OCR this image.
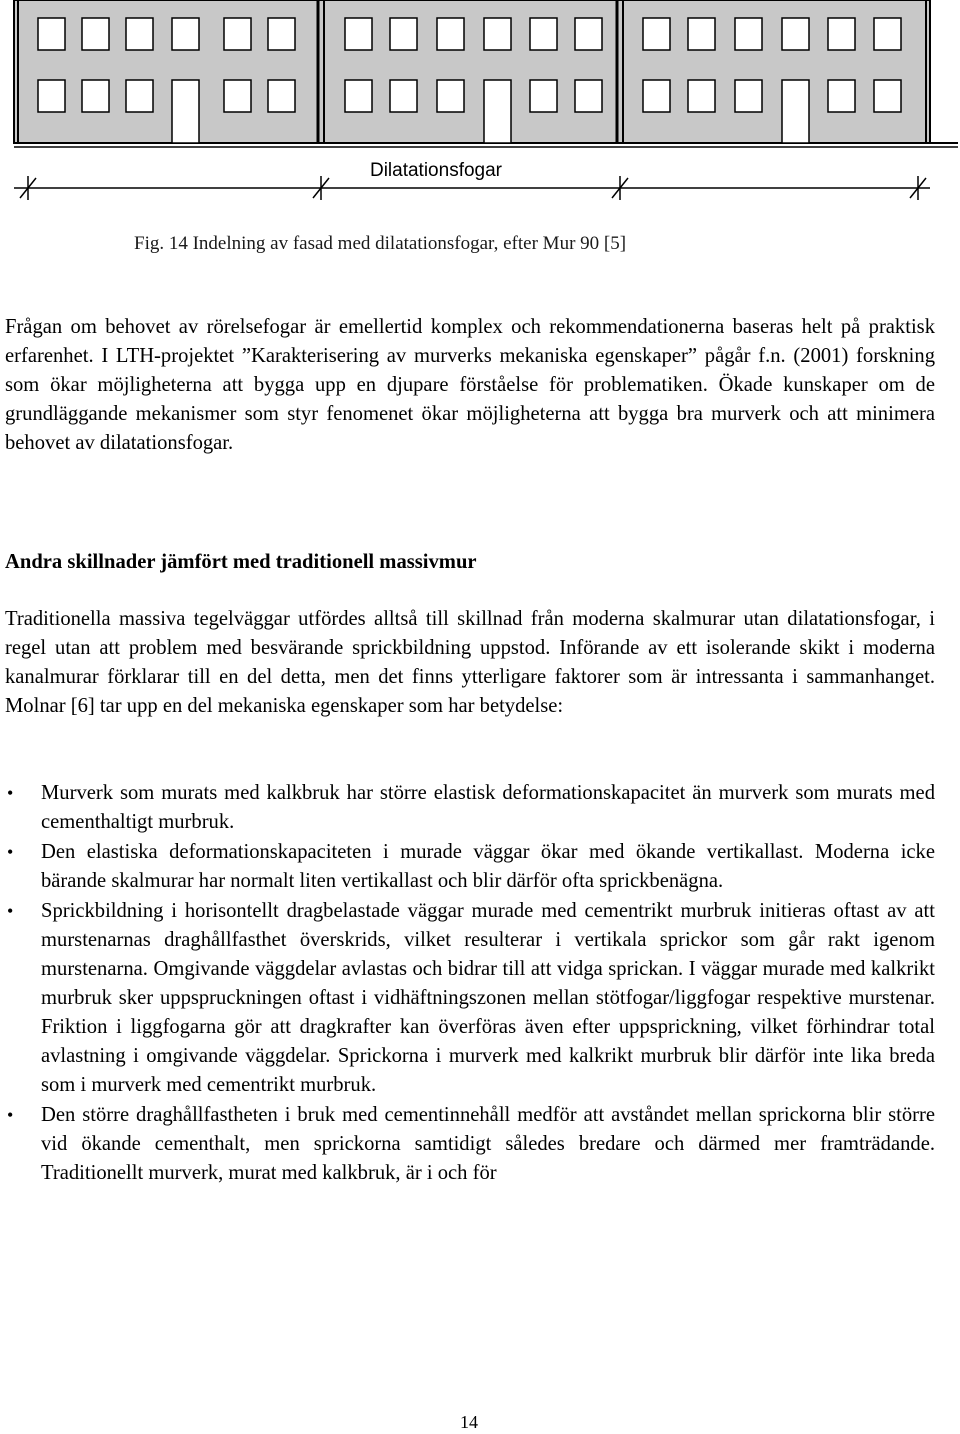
Dilatationsfogar
Fig. 14 Indelning av fasad med dilatationsfogar, efter Mur 90 [5]

Frågan om behovet av rörelsefogar är emellertid komplex och rekommendationerna baseras helt på praktisk erfarenhet. I LTH-projektet ”Karakterisering av murverks mekaniska egenskaper” pågår f.n. (2001) forskning som ökar möjligheterna att bygga upp en djupare förståelse för problematiken. Ökade kunskaper om de grundläggande mekanismer som styr fenomenet ökar möjligheterna att bygga bra murverk och att minimera behovet av dilatationsfogar.

Andra skillnader jämfört med traditionell massivmur

Traditionella massiva tegelväggar utfördes alltså till skillnad från moderna skalmurar utan dilatationsfogar, i regel utan att problem med besvärande sprickbildning uppstod. Införande av ett isolerande skikt i moderna kanalmurar förklarar till en del detta, men det finns ytterligare faktorer som är intressanta i sammanhanget. Molnar [6] tar upp en del mekaniska egenskaper som har betydelse:

• Murverk som murats med kalkbruk har större elastisk deformationskapacitet än murverk som murats med cementhaltigt murbruk.
• Den elastiska deformationskapaciteten i murade väggar ökar med ökande vertikallast. Moderna icke bärande skalmurar har normalt liten vertikallast och blir därför ofta sprickbenägna.
• Sprickbildning i horisontellt dragbelastade väggar murade med cementrikt murbruk initieras oftast av att murstenarnas draghållfasthet överskrids, vilket resulterar i vertikala sprickor som går rakt igenom murstenarna. Omgivande väggdelar avlastas och bidrar till att vidga sprickan. I väggar murade med kalkrikt murbruk sker uppspruckningen oftast i vidhäftningszonen mellan stötfogar/liggfogar respektive murstenar. Friktion i liggfogarna gör att dragkrafter kan överföras även efter uppsprickning, vilket förhindrar total avlastning i omgivande väggdelar. Sprickorna i murverk med kalkrikt murbruk blir därför inte lika breda som i murverk med cementrikt murbruk.
• Den större draghållfastheten i bruk med cementinnehåll medför att avståndet mellan sprickorna blir större vid ökande cementhalt, men sprickorna samtidigt således bredare och därmed mer framträdande. Traditionellt murverk, murat med kalkbruk, är i och för
14
